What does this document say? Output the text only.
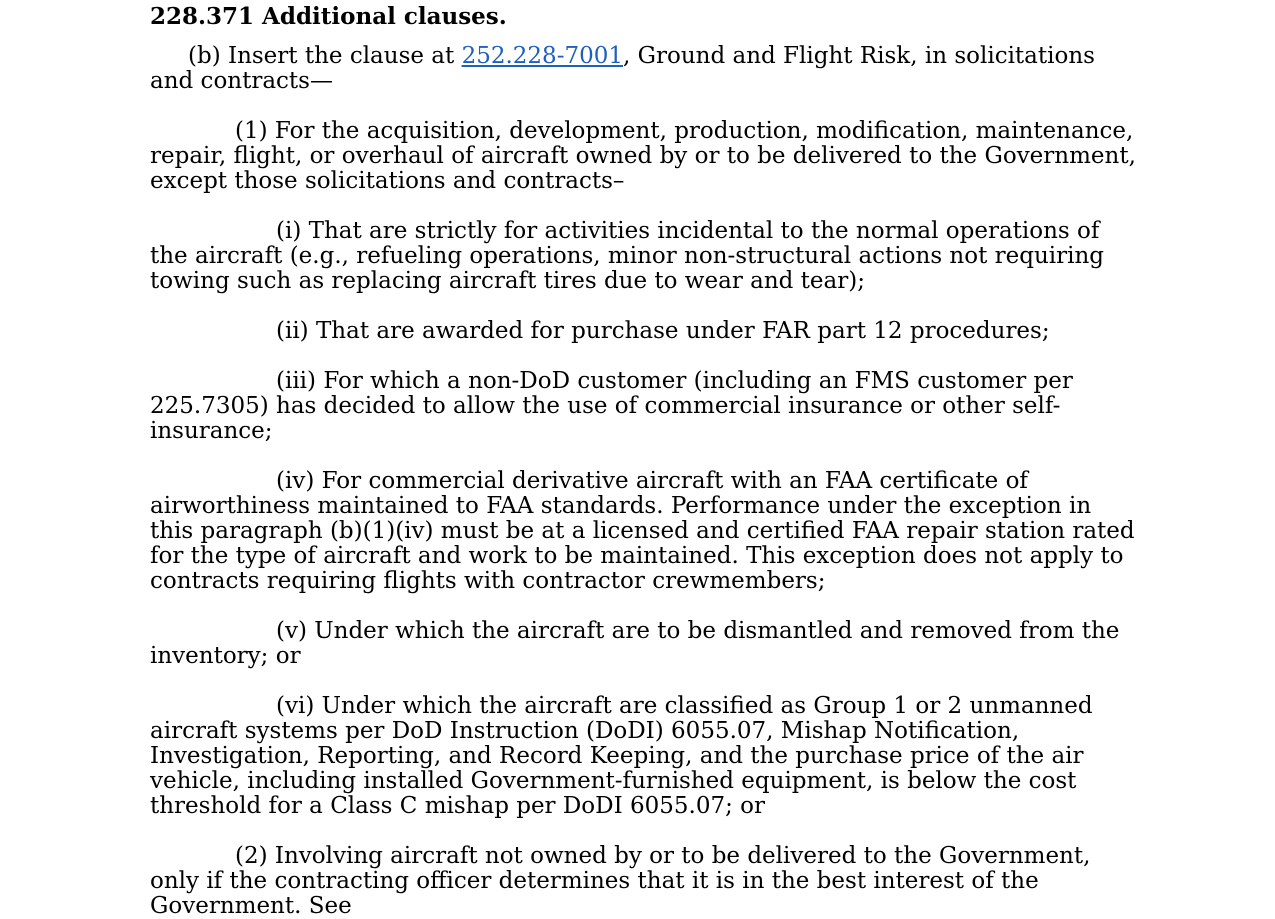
228.371 Additional clauses.

(b) Insert the clause at 252.228-7001, Ground and Flight Risk, in solicitations and contracts—

(1) For the acquisition, development, production, modification, maintenance, repair, flight, or overhaul of aircraft owned by or to be delivered to the Government, except those solicitations and contracts–

(i) That are strictly for activities incidental to the normal operations of the aircraft (e.g., refueling operations, minor non-structural actions not requiring towing such as replacing aircraft tires due to wear and tear);

(ii) That are awarded for purchase under FAR part 12 procedures;

(iii) For which a non-DoD customer (including an FMS customer per 225.7305) has decided to allow the use of commercial insurance or other self-insurance;

(iv) For commercial derivative aircraft with an FAA certificate of airworthiness maintained to FAA standards. Performance under the exception in this paragraph (b)(1)(iv) must be at a licensed and certified FAA repair station rated for the type of aircraft and work to be maintained. This exception does not apply to contracts requiring flights with contractor crewmembers;

(v) Under which the aircraft are to be dismantled and removed from the inventory; or

(vi) Under which the aircraft are classified as Group 1 or 2 unmanned aircraft systems per DoD Instruction (DoDI) 6055.07, Mishap Notification, Investigation, Reporting, and Record Keeping, and the purchase price of the air vehicle, including installed Government-furnished equipment, is below the cost threshold for a Class C mishap per DoDI 6055.07; or

(2) Involving aircraft not owned by or to be delivered to the Government, only if the contracting officer determines that it is in the best interest of the Government. See
